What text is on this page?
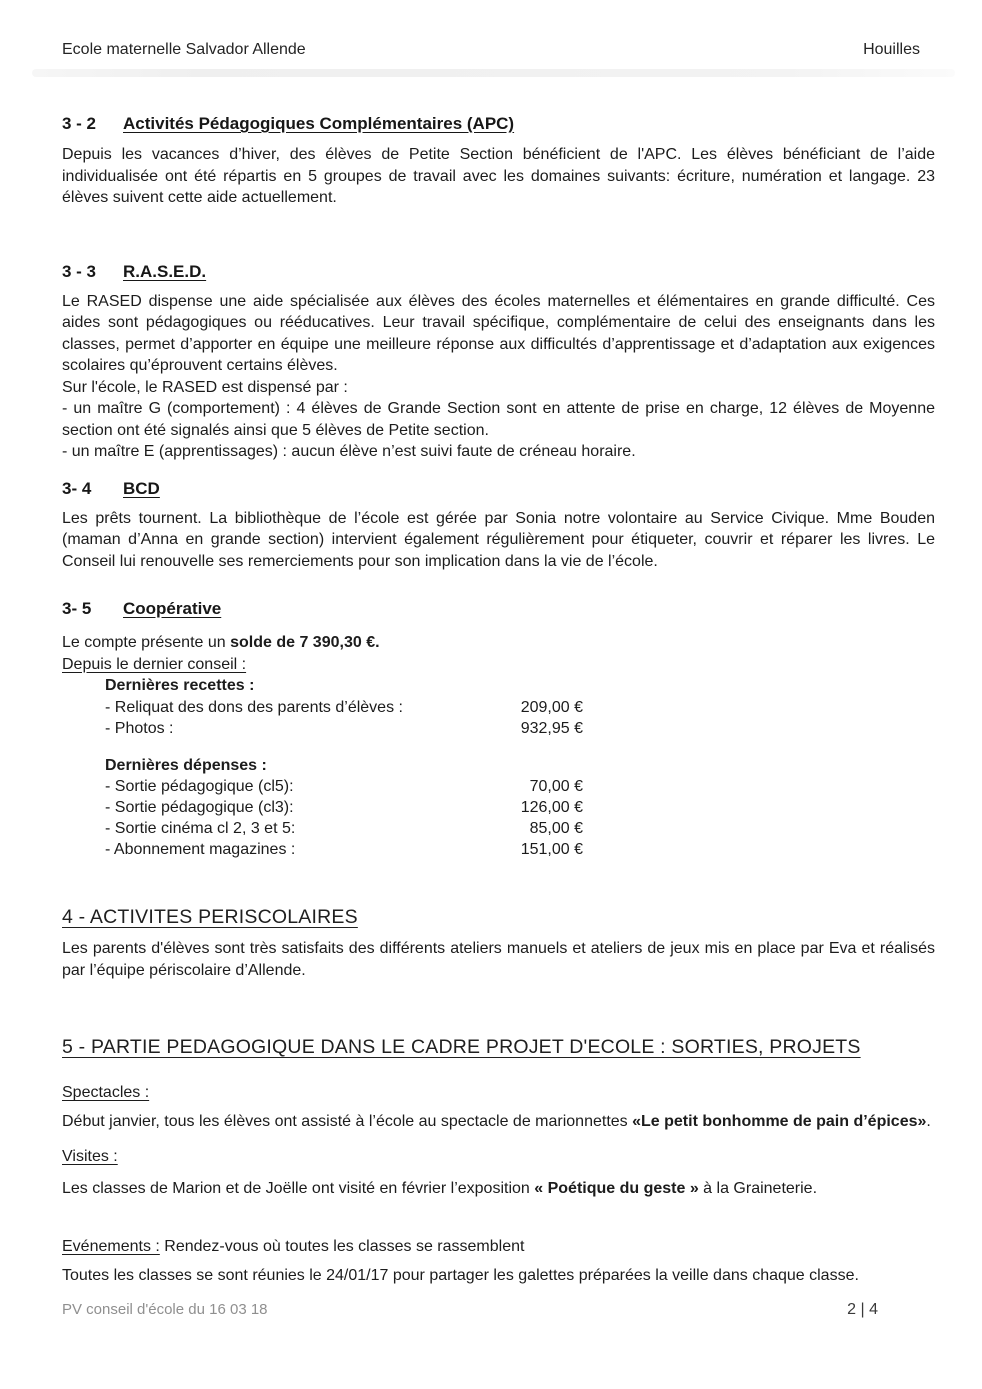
Ecole maternelle Salvador Allende	Houilles
3 - 2	Activités Pédagogiques Complémentaires (APC)

Depuis les vacances d’hiver, des élèves de Petite Section bénéficient de l'APC. Les élèves bénéficiant de l’aide individualisée ont été répartis en 5 groupes de travail avec les domaines suivants: écriture, numération et langage. 23 élèves suivent cette aide actuellement.

3 - 3	R.A.S.E.D.

Le RASED dispense une aide spécialisée aux élèves des écoles maternelles et élémentaires en grande difficulté. Ces aides sont pédagogiques ou rééducatives. Leur travail spécifique, complémentaire de celui des enseignants dans les classes, permet d’apporter en équipe une meilleure réponse aux difficultés d’apprentissage et d’adaptation aux exigences scolaires qu’éprouvent certains élèves.

Sur l'école, le RASED est dispensé par :

- un maître G (comportement) : 4 élèves de Grande Section sont en attente de prise en charge, 12 élèves de Moyenne section ont été signalés ainsi que 5 élèves de Petite section.

- un maître E (apprentissages) : aucun élève n’est suivi faute de créneau horaire.

3- 4	BCD

Les prêts tournent. La bibliothèque de l’école est gérée par Sonia notre volontaire au Service Civique. Mme Bouden (maman d’Anna en grande section) intervient également régulièrement pour étiqueter, couvrir et réparer les livres. Le Conseil lui renouvelle ses remerciements pour son implication dans la vie de l’école.

3- 5	Coopérative
Le compte présente un solde de 7 390,30 €.
Depuis le dernier conseil :
Dernières recettes :
- Reliquat des dons des parents d’élèves :	209,00 €
- Photos :	932,95 €
Dernières dépenses :
- Sortie pédagogique (cl5):	70,00 €
- Sortie pédagogique (cl3):	126,00 €
- Sortie cinéma cl 2, 3 et 5:	85,00 €
- Abonnement magazines :	151,00 €
4 - ACTIVITES PERISCOLAIRES

Les parents d'élèves sont très satisfaits des différents ateliers manuels et ateliers de jeux mis en place par Eva et réalisés par l’équipe périscolaire d’Allende.

5 - PARTIE PEDAGOGIQUE DANS LE CADRE PROJET D'ECOLE : SORTIES, PROJETS
Spectacles :

Début janvier, tous les élèves ont assisté à l’école au spectacle de marionnettes «Le petit bonhomme de pain d’épices».

Visites :

Les classes de Marion et de Joëlle ont visité en février l’exposition « Poétique du geste » à la Graineterie.

Evénements : Rendez-vous où toutes les classes se rassemblent

Toutes les classes se sont réunies le 24/01/17 pour partager les galettes préparées la veille dans chaque classe.

PV conseil d'école du 16 03 18	2 | 4
